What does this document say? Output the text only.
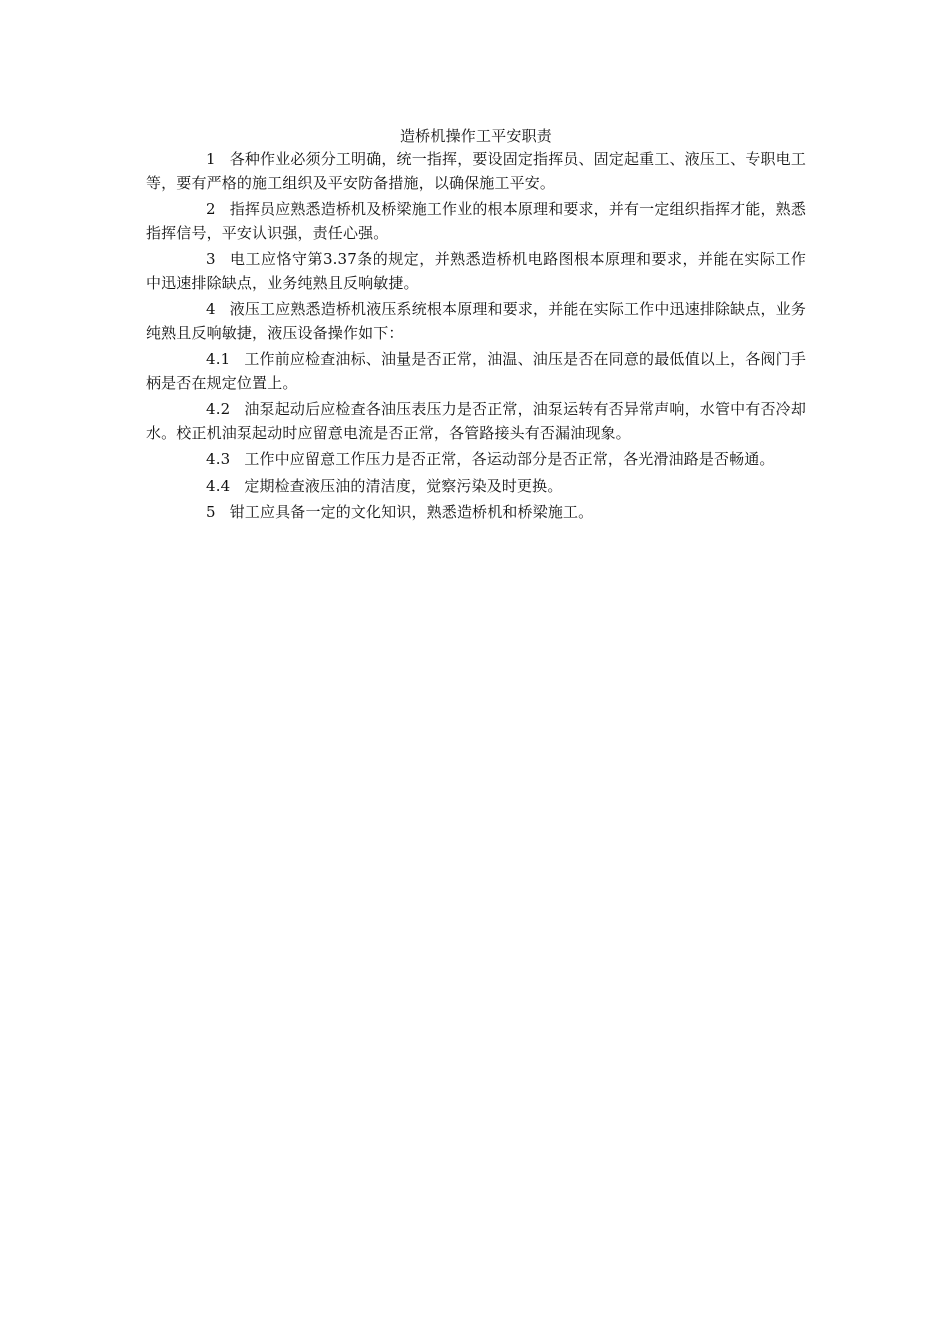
造桥机操作工平安职责

1 各种作业必须分工明确，统一指挥，要设固定指挥员、固定起重工、液压工、专职电工等，要有严格的施工组织及平安防备措施，以确保施工平安。

2 指挥员应熟悉造桥机及桥梁施工作业的根本原理和要求，并有一定组织指挥才能，熟悉指挥信号，平安认识强，责任心强。

3 电工应恪守第3.37条的规定，并熟悉造桥机电路图根本原理和要求，并能在实际工作中迅速排除缺点，业务纯熟且反响敏捷。

4 液压工应熟悉造桥机液压系统根本原理和要求，并能在实际工作中迅速排除缺点，业务纯熟且反响敏捷，液压设备操作如下：

4.1 工作前应检查油标、油量是否正常，油温、油压是否在同意的最低值以上，各阀门手柄是否在规定位置上。

4.2 油泵起动后应检查各油压表压力是否正常，油泵运转有否异常声响，水管中有否冷却水。校正机油泵起动时应留意电流是否正常，各管路接头有否漏油现象。

4.3 工作中应留意工作压力是否正常，各运动部分是否正常，各光滑油路是否畅通。

4.4 定期检查液压油的清洁度，觉察污染及时更换。

5 钳工应具备一定的文化知识，熟悉造桥机和桥梁施工。
